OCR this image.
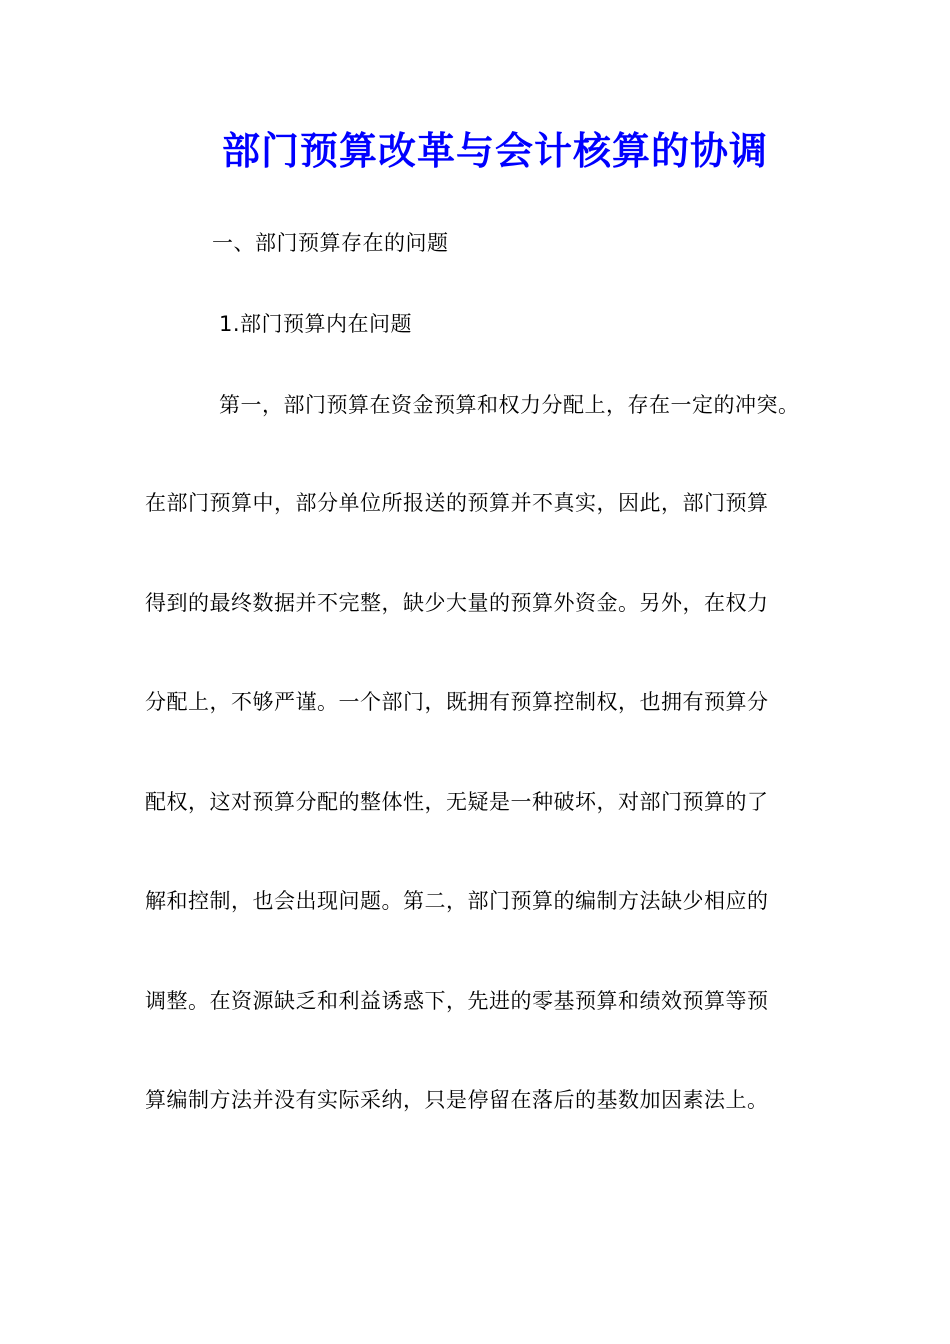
部门预算改革与会计核算的协调

一、部门预算存在的问题

1.部门预算内在问题

第一，部门预算在资金预算和权力分配上，存在一定的冲突。

在部门预算中，部分单位所报送的预算并不真实，因此，部门预算

得到的最终数据并不完整，缺少大量的预算外资金。另外，在权力

分配上，不够严谨。一个部门，既拥有预算控制权，也拥有预算分

配权，这对预算分配的整体性，无疑是一种破坏，对部门预算的了

解和控制，也会出现问题。第二，部门预算的编制方法缺少相应的

调整。在资源缺乏和利益诱惑下，先进的零基预算和绩效预算等预

算编制方法并没有实际采纳，只是停留在落后的基数加因素法上。
